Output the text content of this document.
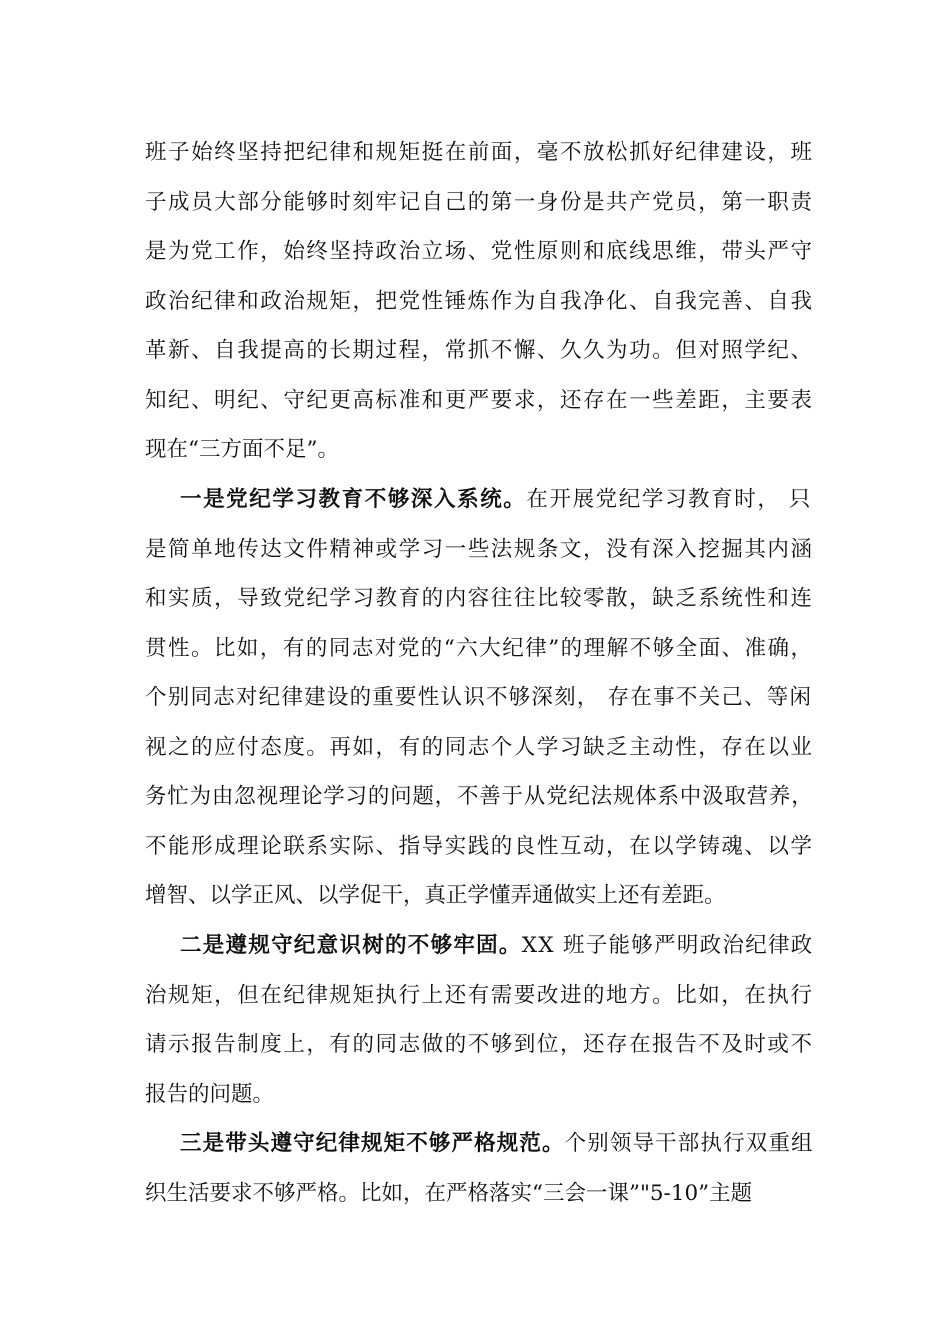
班子始终坚持把纪律和规矩挺在前面，毫不放松抓好纪律建设，班
子成员大部分能够时刻牢记自己的第一身份是共产党员，第一职责
是为党工作，始终坚持政治立场、党性原则和底线思维，带头严守
政治纪律和政治规矩，把党性锤炼作为自我净化、自我完善、自我
革新、自我提高的长期过程，常抓不懈、久久为功。但对照学纪、
知纪、明纪、守纪更高标准和更严要求，还存在一些差距，主要表
现在“三方面不足”。
一是党纪学习教育不够深入系统。在开展党纪学习教育时， 只
是简单地传达文件精神或学习一些法规条文，没有深入挖掘其内涵
和实质，导致党纪学习教育的内容往往比较零散，缺乏系统性和连
贯性。比如，有的同志对党的“六大纪律”的理解不够全面、准确，
个别同志对纪律建设的重要性认识不够深刻， 存在事不关己、等闲
视之的应付态度。再如，有的同志个人学习缺乏主动性，存在以业
务忙为由忽视理论学习的问题，不善于从党纪法规体系中汲取营养，
不能形成理论联系实际、指导实践的良性互动，在以学铸魂、以学
增智、以学正风、以学促干，真正学懂弄通做实上还有差距。
二是遵规守纪意识树的不够牢固。XX 班子能够严明政治纪律政
治规矩，但在纪律规矩执行上还有需要改进的地方。比如，在执行
请示报告制度上，有的同志做的不够到位，还存在报告不及时或不
报告的问题。
三是带头遵守纪律规矩不够严格规范。个别领导干部执行双重组
织生活要求不够严格。比如，在严格落实“三会一课”"5-10”主题
